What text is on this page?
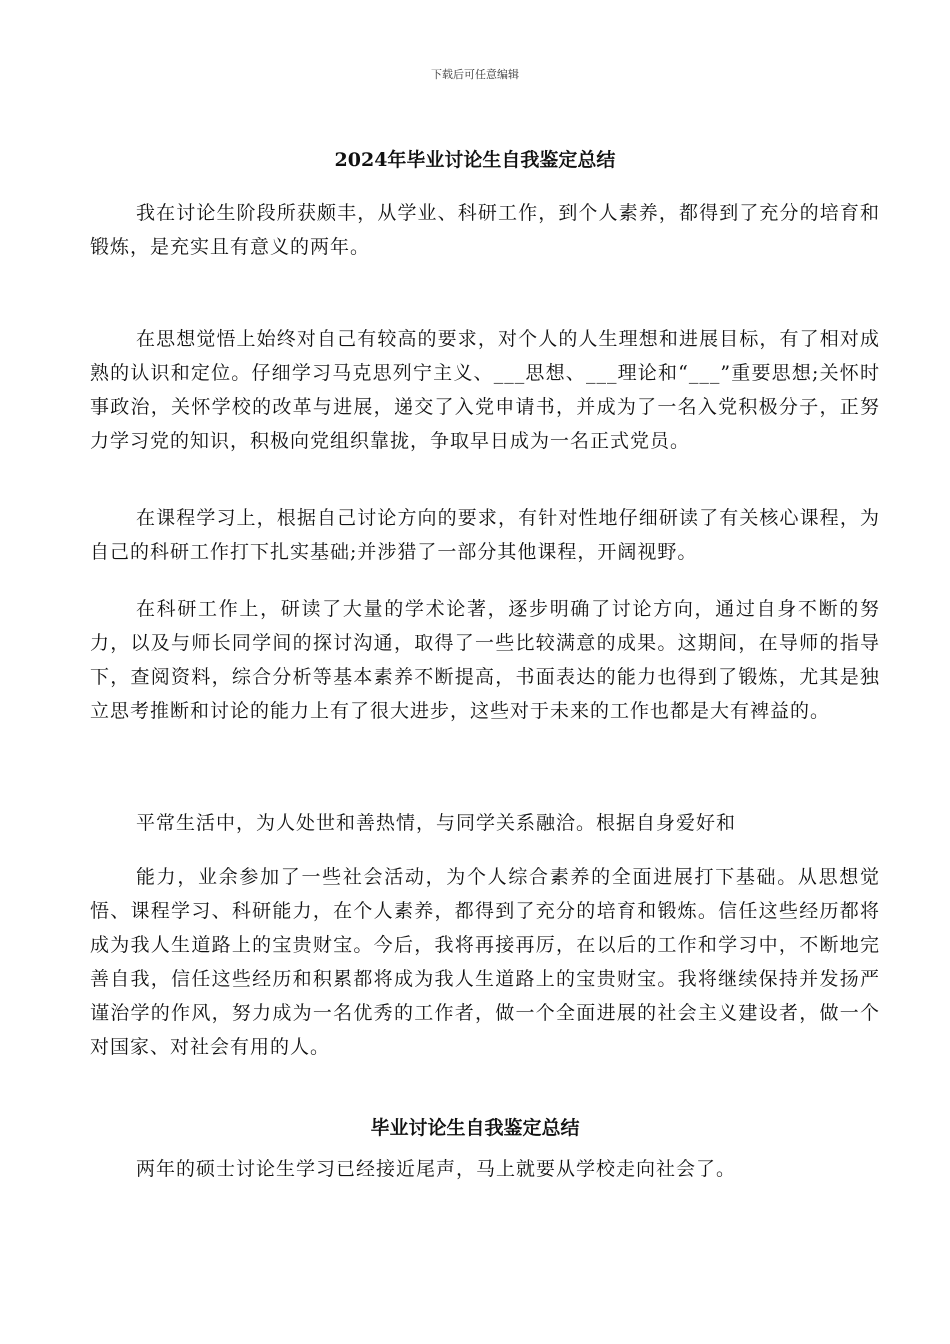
下载后可任意编辑
2024年毕业讨论生自我鉴定总结

我在讨论生阶段所获颇丰，从学业、科研工作，到个人素养，都得到了充分的培育和锻炼，是充实且有意义的两年。

在思想觉悟上始终对自己有较高的要求，对个人的人生理想和进展目标，有了相对成熟的认识和定位。仔细学习马克思列宁主义、___思想、___理论和“___”重要思想;关怀时事政治，关怀学校的改革与进展，递交了入党申请书，并成为了一名入党积极分子，正努力学习党的知识，积极向党组织靠拢，争取早日成为一名正式党员。

在课程学习上，根据自己讨论方向的要求，有针对性地仔细研读了有关核心课程，为自己的科研工作打下扎实基础;并涉猎了一部分其他课程，开阔视野。

在科研工作上，研读了大量的学术论著，逐步明确了讨论方向，通过自身不断的努力，以及与师长同学间的探讨沟通，取得了一些比较满意的成果。这期间，在导师的指导下，查阅资料，综合分析等基本素养不断提高，书面表达的能力也得到了锻炼，尤其是独立思考推断和讨论的能力上有了很大进步，这些对于未来的工作也都是大有裨益的。

平常生活中，为人处世和善热情，与同学关系融洽。根据自身爱好和

能力，业余参加了一些社会活动，为个人综合素养的全面进展打下基础。从思想觉悟、课程学习、科研能力，在个人素养，都得到了充分的培育和锻炼。信任这些经历都将成为我人生道路上的宝贵财宝。今后，我将再接再厉，在以后的工作和学习中，不断地完善自我，信任这些经历和积累都将成为我人生道路上的宝贵财宝。我将继续保持并发扬严谨治学的作风，努力成为一名优秀的工作者，做一个全面进展的社会主义建设者，做一个对国家、对社会有用的人。

毕业讨论生自我鉴定总结

两年的硕士讨论生学习已经接近尾声，马上就要从学校走向社会了。
